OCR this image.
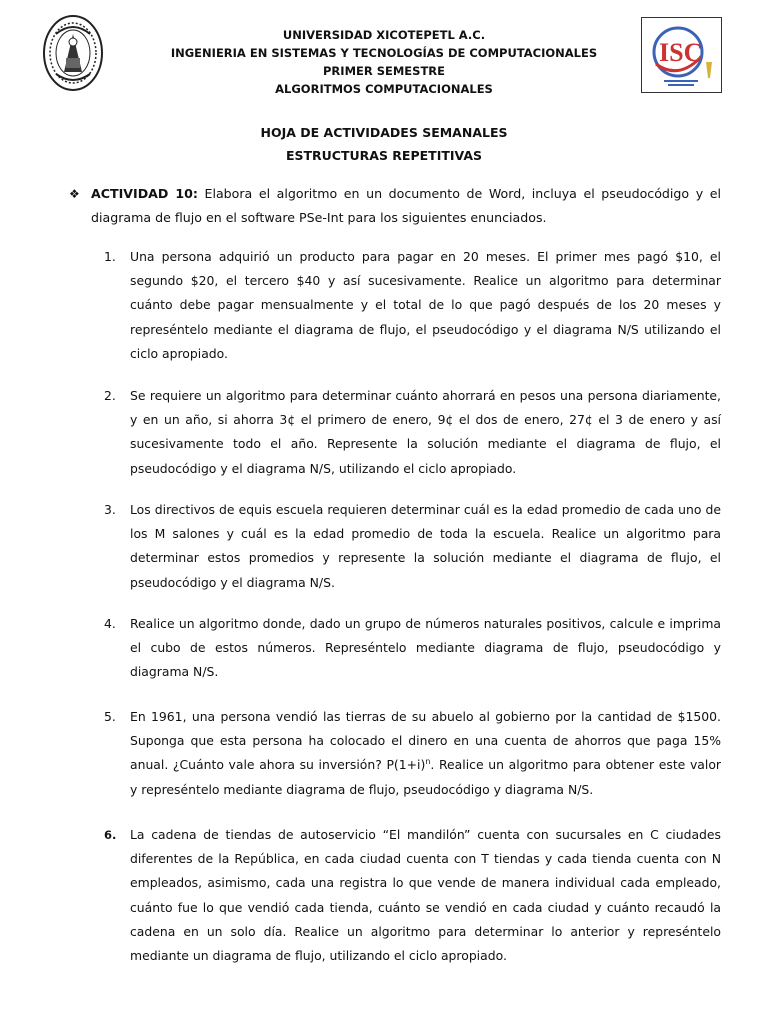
ISC
UNIVERSIDAD XICOTEPETL A.C.
INGENIERIA EN SISTEMAS Y TECNOLOGÍAS DE COMPUTACIONALES
PRIMER SEMESTRE
ALGORITMOS COMPUTACIONALES
HOJA DE ACTIVIDADES SEMANALES
ESTRUCTURAS REPETITIVAS
❖ ACTIVIDAD 10: Elabora el algoritmo en un documento de Word, incluya el pseudocódigo y el diagrama de flujo en el software PSe-Int para los siguientes enunciados.
1. Una persona adquirió un producto para pagar en 20 meses. El primer mes pagó $10, el segundo $20, el tercero $40 y así sucesivamente. Realice un algoritmo para determinar cuánto debe pagar mensualmente y el total de lo que pagó después de los 20 meses y represéntelo mediante el diagrama de flujo, el pseudocódigo y el diagrama N/S utilizando el ciclo apropiado.
2. Se requiere un algoritmo para determinar cuánto ahorrará en pesos una persona diariamente, y en un año, si ahorra 3¢ el primero de enero, 9¢ el dos de enero, 27¢ el 3 de enero y así sucesivamente todo el año. Represente la solución mediante el diagrama de flujo, el pseudocódigo y el diagrama N/S, utilizando el ciclo apropiado.
3. Los directivos de equis escuela requieren determinar cuál es la edad promedio de cada uno de los M salones y cuál es la edad promedio de toda la escuela. Realice un algoritmo para determinar estos promedios y represente la solución mediante el diagrama de flujo, el pseudocódigo y el diagrama N/S.
4. Realice un algoritmo donde, dado un grupo de números naturales positivos, calcule e imprima el cubo de estos números. Represéntelo mediante diagrama de flujo, pseudocódigo y diagrama N/S.
5. En 1961, una persona vendió las tierras de su abuelo al gobierno por la cantidad de $1500. Suponga que esta persona ha colocado el dinero en una cuenta de ahorros que paga 15% anual. ¿Cuánto vale ahora su inversión? $P(1+i)^n$. Realice un algoritmo para obtener este valor y represéntelo mediante diagrama de flujo, pseudocódigo y diagrama N/S.
6. La cadena de tiendas de autoservicio “El mandilón” cuenta con sucursales en C ciudades diferentes de la República, en cada ciudad cuenta con T tiendas y cada tienda cuenta con N empleados, asimismo, cada una registra lo que vende de manera individual cada empleado, cuánto fue lo que vendió cada tienda, cuánto se vendió en cada ciudad y cuánto recaudó la cadena en un solo día. Realice un algoritmo para determinar lo anterior y represéntelo mediante un diagrama de flujo, utilizando el ciclo apropiado.
